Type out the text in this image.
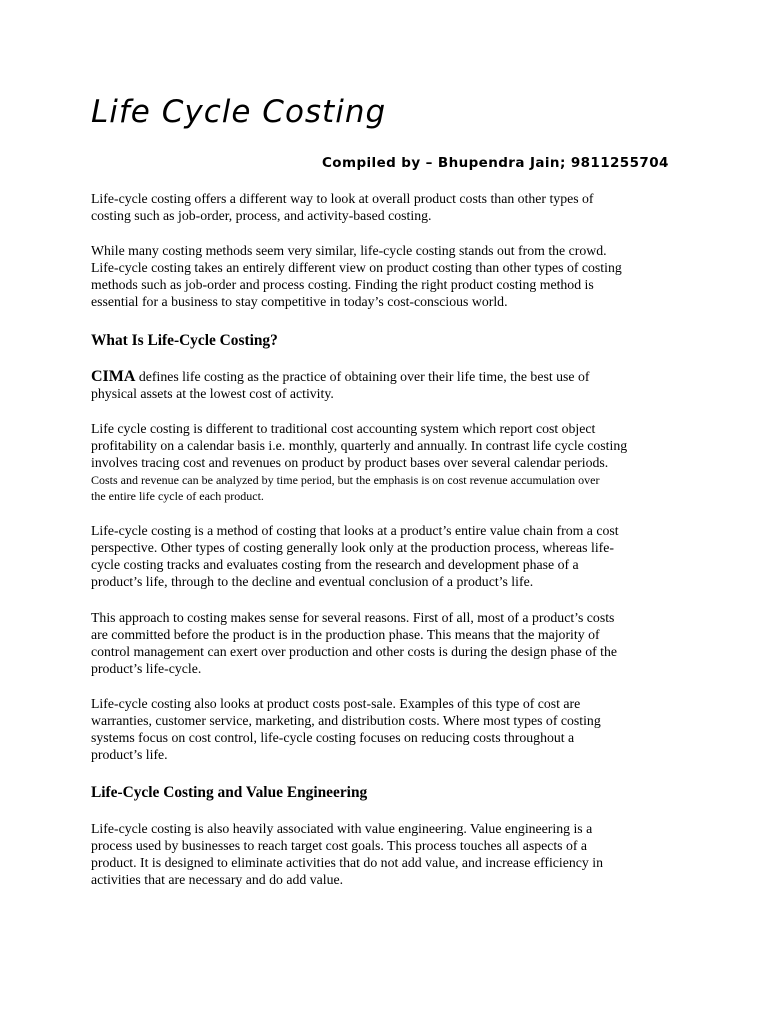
Life Cycle Costing

Compiled by – Bhupendra Jain; 9811255704

Life-cycle costing offers a different way to look at overall product costs than other types of
costing such as job-order, process, and activity-based costing.

While many costing methods seem very similar, life-cycle costing stands out from the crowd.
Life-cycle costing takes an entirely different view on product costing than other types of costing
methods such as job-order and process costing. Finding the right product costing method is
essential for a business to stay competitive in today’s cost-conscious world.

What Is Life-Cycle Costing?

CIMA defines life costing as the practice of obtaining over their life time, the best use of
physical assets at the lowest cost of activity.

Life cycle costing is different to traditional cost accounting system which report cost object
profitability on a calendar basis i.e. monthly, quarterly and annually. In contrast life cycle costing
involves tracing cost and revenues on product by product bases over several calendar periods.

Costs and revenue can be analyzed by time period, but the emphasis is on cost revenue accumulation over
the entire life cycle of each product.

Life-cycle costing is a method of costing that looks at a product’s entire value chain from a cost
perspective. Other types of costing generally look only at the production process, whereas life-
cycle costing tracks and evaluates costing from the research and development phase of a
product’s life, through to the decline and eventual conclusion of a product’s life.

This approach to costing makes sense for several reasons. First of all, most of a product’s costs
are committed before the product is in the production phase. This means that the majority of
control management can exert over production and other costs is during the design phase of the
product’s life-cycle.

Life-cycle costing also looks at product costs post-sale. Examples of this type of cost are
warranties, customer service, marketing, and distribution costs. Where most types of costing
systems focus on cost control, life-cycle costing focuses on reducing costs throughout a
product’s life.

Life-Cycle Costing and Value Engineering

Life-cycle costing is also heavily associated with value engineering. Value engineering is a
process used by businesses to reach target cost goals. This process touches all aspects of a
product. It is designed to eliminate activities that do not add value, and increase efficiency in
activities that are necessary and do add value.
